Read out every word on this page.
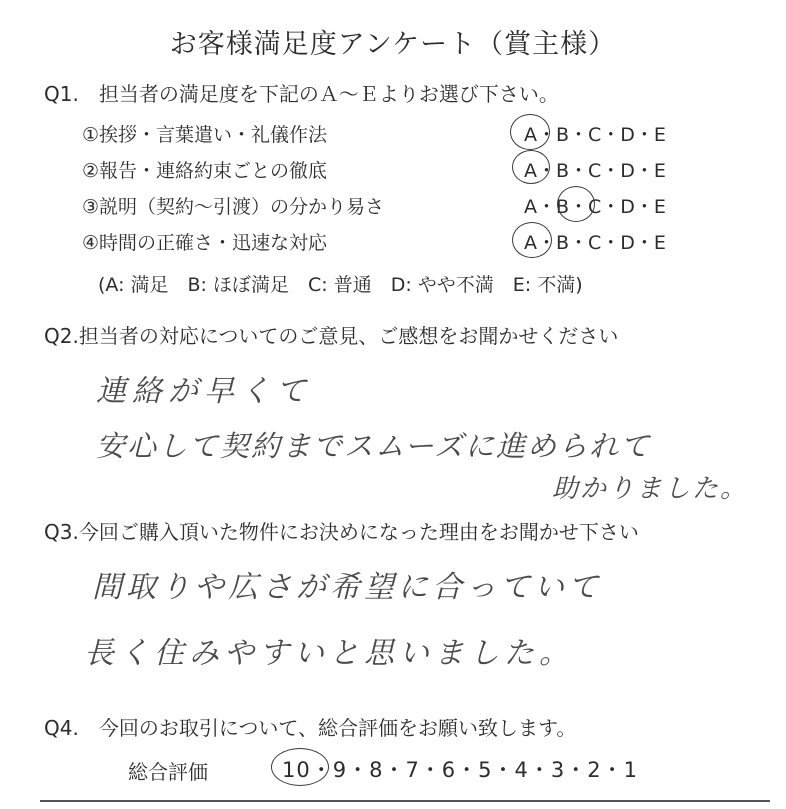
お客様満足度アンケート（賞主様）
Q1.　担当者の満足度を下記のＡ～Ｅよりお選び下さい。
①挨拶・言葉遣い・礼儀作法	A・B・C・D・E
②報告・連絡約束ごとの徹底	A・B・C・D・E
③説明（契約～引渡）の分かり易さ	A・B・C・D・E
④時間の正確さ・迅速な対応	A・B・C・D・E
(A: 満足　B: ほぼ満足　C: 普通　D: やや不満　E: 不満)
Q2.担当者の対応についてのご意見、ご感想をお聞かせください
連絡が早くて
安心して契約までスムーズに進められて
助かりました。
Q3.今回ご購入頂いた物件にお決めになった理由をお聞かせ下さい
間取りや広さが希望に合っていて
長く住みやすいと思いました。
Q4.　今回のお取引について、総合評価をお願い致します。
総合評価	10・9・8・7・6・5・4・3・2・1
